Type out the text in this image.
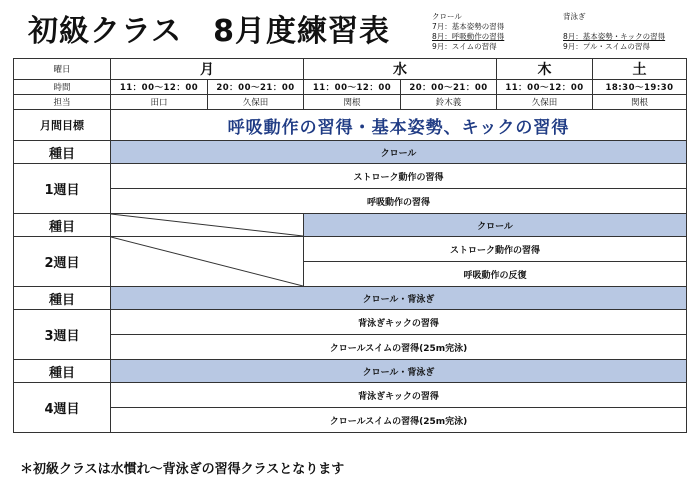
初級クラス　8月度練習表	クロール
7月：基本姿勢の習得
8月：呼吸動作の習得
9月：スイムの習得
背泳ぎ
8月：基本姿勢・キックの習得
9月：プル・スイムの習得
曜日	月		水		木	土
時間	11：00～12：00	20：00～21：00	11：00～12：00	20：00～21：00	11：00～12：00	18:30～19:30
担当	田口	久保田	関根	鈴木義	久保田	関根
月間目標	呼吸動作の習得・基本姿勢、キックの習得					
種目	クロール					
1週目	ストローク動作の習得					
	呼吸動作の習得					
種目			クロール			
2週目			ストローク動作の習得			
			呼吸動作の反復			
種目	クロール・背泳ぎ					
3週目	背泳ぎキックの習得					
	クロールスイムの習得(25m完泳)					
種目	クロール・背泳ぎ					
4週目	背泳ぎキックの習得					
	クロールスイムの習得(25m完泳)					
＊初級クラスは水慣れ～背泳ぎの習得クラスとなります
